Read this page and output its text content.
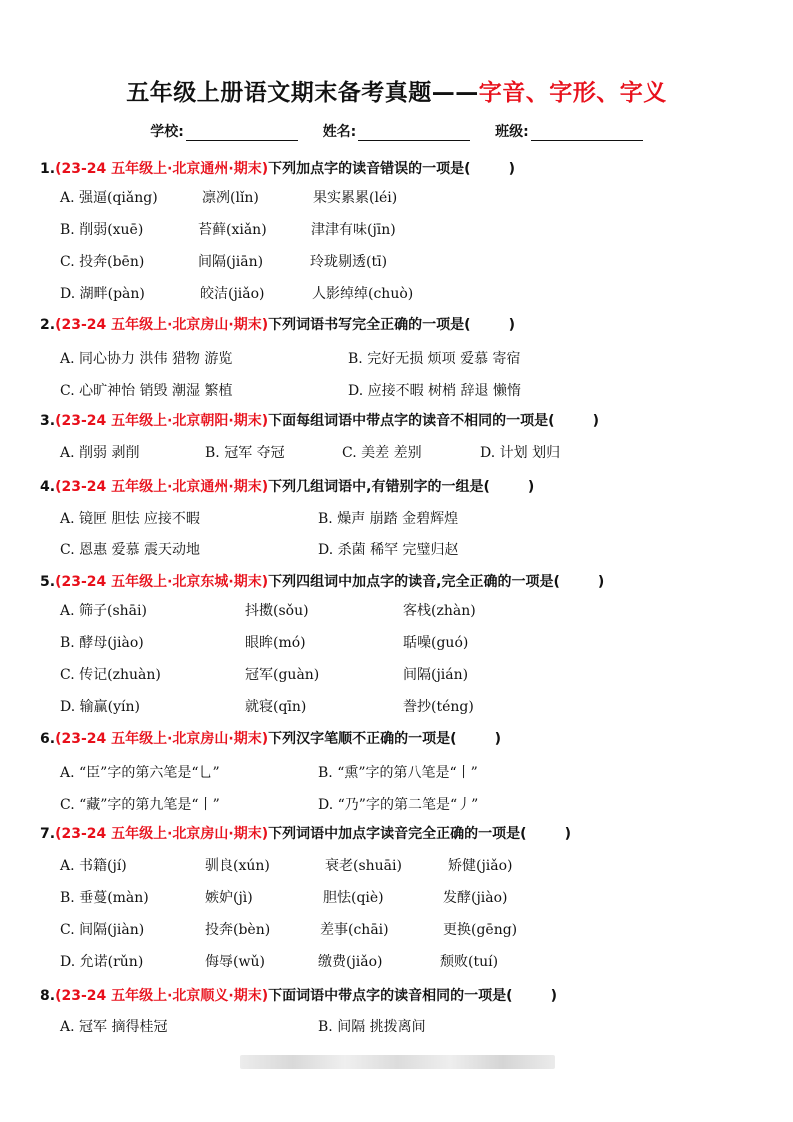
五年级上册语文期末备考真题——字音、字形、字义
学校:	姓名:	班级:
1.(23-24 五年级上·北京通州·期末)下列加点字的读音错误的一项是(	)
A. 强逼(qiǎng)	凛冽(lǐn)	果实累累(léi)
B. 削弱(xuē)	苔藓(xiǎn)	津津有味(jīn)
C. 投奔(bēn)	间隔(jiān)	玲珑剔透(tī)
D. 湖畔(pàn)	皎洁(jiǎo)	人影绰绰(chuò)
2.(23-24 五年级上·北京房山·期末)下列词语书写完全正确的一项是(	)
A. 同心协力 洪伟 猎物 游览	B. 完好无损 烦项 爱慕 寄宿
C. 心旷神怡 销毁 潮湿 繁植	D. 应接不暇 树梢 辞退 懒惰
3.(23-24 五年级上·北京朝阳·期末)下面每组词语中带点字的读音不相同的一项是(	)
A. 削弱 剥削	B. 冠军 夺冠	C. 美差 差别	D. 计划 划归
4.(23-24 五年级上·北京通州·期末)下列几组词语中,有错别字的一组是(	)
A. 镜匣 胆怯 应接不暇	B. 燥声 崩踏 金碧辉煌
C. 恩惠 爱慕 震天动地	D. 杀菌 稀罕 完璧归赵
5.(23-24 五年级上·北京东城·期末)下列四组词中加点字的读音,完全正确的一项是(	)
A. 筛子(shāi)	抖擞(sǒu)	客栈(zhàn)
B. 酵母(jiào)	眼眸(mó)	聒噪(guó)
C. 传记(zhuàn)	冠军(guàn)	间隔(jián)
D. 输赢(yín)	就寝(qīn)	誊抄(téng)
6.(23-24 五年级上·北京房山·期末)下列汉字笔顺不正确的一项是(	)
A. “臣”字的第六笔是“乚”	B. “熏”字的第八笔是“丨”
C. “藏”字的第九笔是“丨”	D. “乃”字的第二笔是“丿”
7.(23-24 五年级上·北京房山·期末)下列词语中加点字读音完全正确的一项是(	)
A. 书籍(jí)	驯良(xún)	衰老(shuāi)	矫健(jiǎo)
B. 垂蔓(màn)	嫉妒(jì)	胆怯(qiè)	发酵(jiào)
C. 间隔(jiàn)	投奔(bèn)	差事(chāi)	更换(gēng)
D. 允诺(rǔn)	侮辱(wǔ)	缴费(jiǎo)	颓败(tuí)
8.(23-24 五年级上·北京顺义·期末)下面词语中带点字的读音相同的一项是(	)
A. 冠军 摘得桂冠	B. 间隔 挑拨离间
